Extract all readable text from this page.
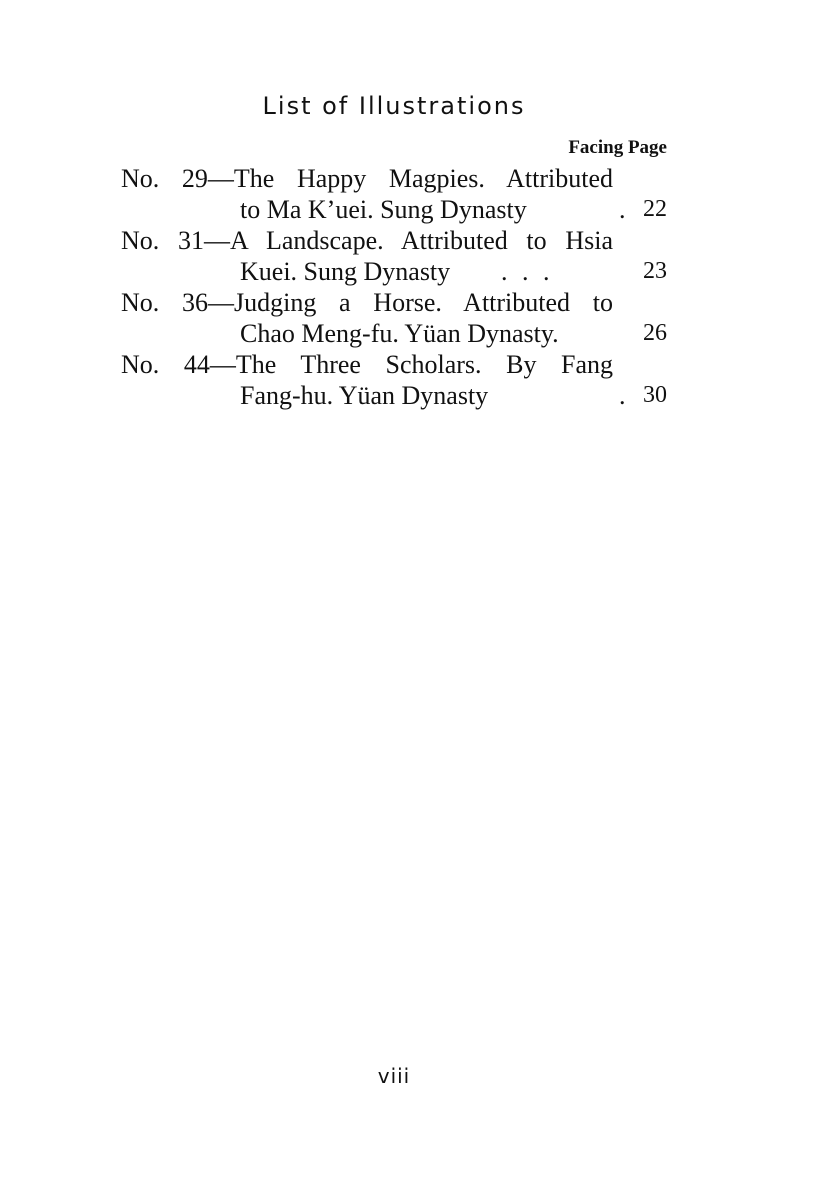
List of Illustrations
Facing Page
No. 29—The Happy Magpies. Attributed
to Ma K’uei. Sung Dynasty	. 22
No. 31—A Landscape. Attributed to Hsia
Kuei. Sung Dynasty . . .	23
No. 36—Judging a Horse. Attributed to
Chao Meng-fu. Yüan Dynasty.	26
No. 44—The Three Scholars. By Fang
Fang-hu. Yüan Dynasty	. 30
viii
